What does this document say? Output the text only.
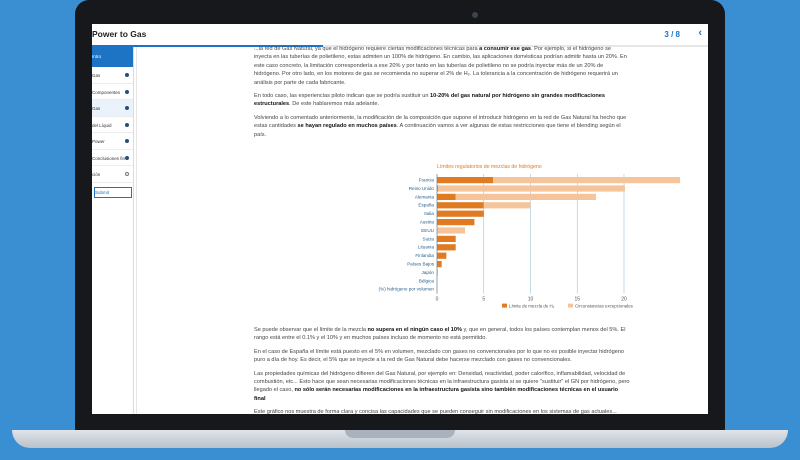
Power to Gas	3 / 8 ‹
Intro
Gas
Componentes
Gas
del Líquid
Power
Conclusiones fin
ción
Submit

...la red de Gas Natural, ya que el hidrógeno requiere ciertas modificaciones técnicas para a consumir ese gas. Por ejemplo, si el hidrógeno se inyecta en las tuberías de polietileno, estas admiten un 100% de hidrógeno. En cambio, las aplicaciones domésticas podrían admitir hasta un 20%. En este caso concreto, la limitación correspondería a ese 20% y por tanto en las tuberías de polietileno no se podría inyectar más de un 20% de hidrógeno. Por otro lado, en los motores de gas se recomienda no superar el 2% de H₂. La tolerancia a la concentración de hidrógeno requerirá un análisis por parte de cada fabricante.

En todo caso, las experiencias piloto indican que se podría sustituir un 10-20% del gas natural por hidrógeno sin grandes modificaciones estructurales. De este hablaremos más adelante.

Volviendo a lo comentado anteriormente, la modificación de la composición que supone el introducir hidrógeno en la red de Gas Natural ha hecho que estas cantidades se hayan regulado en muchos países. A continuación vamos a ver algunas de estas restricciones que tiene el blending según el país.

Límites regulatorios de mezclas de hidrógeno
0	5	10	15	20
Francia
Reino Unido
Alemania
España
Italia
Austria
EEUU
Suiza
Lituania
Finlandia
Países Bajos
Japón
Bélgica
(%) hidrógeno por volumen
Límite de mezcla de H₂	Circunstancias excepcionales

Se puede observar que el límite de la mezcla no supera en el ningún caso el 10% y, que en general, todos los países contemplan menos del 5%. El rango está entre el 0.1% y el 10% y en muchos países incluso de momento no está permitido.

En el caso de España el límite está puesto en el 5% en volumen, mezclado con gases no convencionales por lo que no es posible inyectar hidrógeno puro a día de hoy. Es decir, el 5% que se inyecte a la red de Gas Natural debe hacerse mezclado con gases no convencionales.

Las propiedades químicas del hidrógeno difieren del Gas Natural, por ejemplo en: Densidad, reactividad, poder calorífico, inflamabilidad, velocidad de combustión, etc... Esto hace que sean necesarias modificaciones técnicas en la infraestructura gasista si se quiere "sustituir" el GN por hidrógeno, pero llegado el caso, no sólo serán necesarias modificaciones en la infraestructura gasista sino también modificaciones técnicas en el usuario final

Este gráfico nos muestra de forma clara y concisa las capacidades que se pueden conseguir sin modificaciones en los sistemas de gas actuales...
